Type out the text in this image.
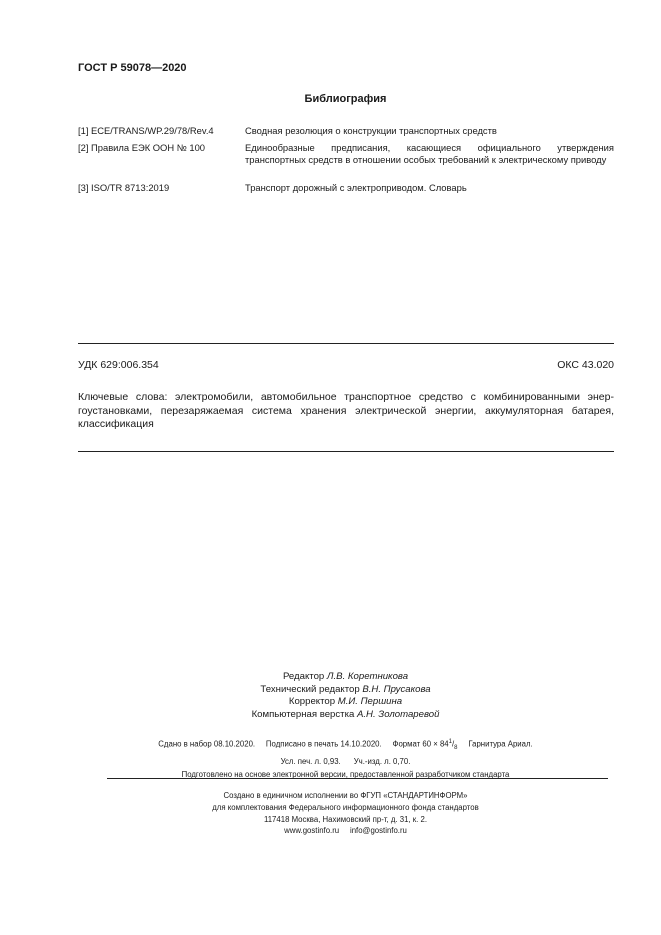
ГОСТ Р 59078—2020
Библиография
[1] ECE/TRANS/WP.29/78/Rev.4	Сводная резолюция о конструкции транспортных средств
[2] Правила ЕЭК ООН № 100	Единообразные предписания, касающиеся официального утверждения транспортных средств в отношении особых требований к электрическому приводу
[3] ISO/TR 8713:2019	Транспорт дорожный с электроприводом. Словарь
УДК 629:006.354	ОКС 43.020
Ключевые слова: электромобили, автомобильное транспортное средство с комбинированными энергоустановками, перезаряжаемая система хранения электрической энергии, аккумуляторная батарея, классификация
Редактор Л.В. Коретникова
Технический редактор В.Н. Прусакова
Корректор М.И. Першина
Компьютерная верстка А.Н. Золотаревой
Сдано в набор 08.10.2020. Подписано в печать 14.10.2020. Формат $60 \times 84^1/_8$ Гарнитура Ариал.
Усл. печ. л. 0,93. Уч.-изд. л. 0,70.
Подготовлено на основе электронной версии, предоставленной разработчиком стандарта
Создано в единичном исполнении во ФГУП «СТАНДАРТИНФОРМ»
для комплектования Федерального информационного фонда стандартов
117418 Москва, Нахимовский пр-т, д. 31, к. 2.
www.gostinfo.ru info@gostinfo.ru
